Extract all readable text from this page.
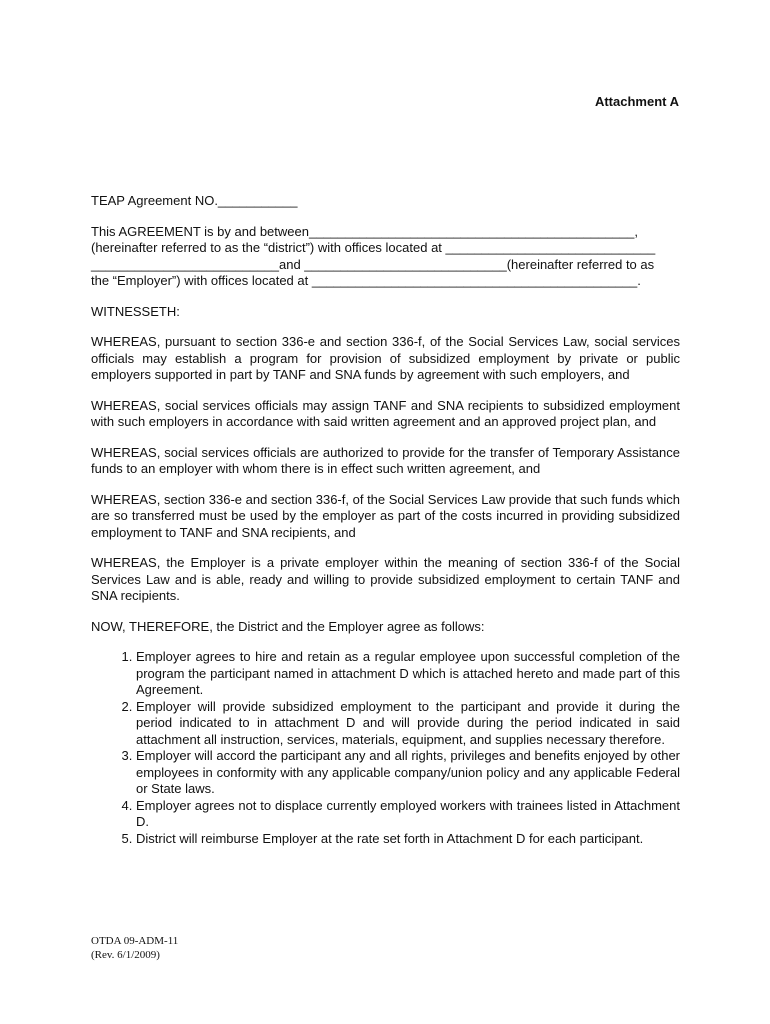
Attachment A

TEAP Agreement NO.___________

This AGREEMENT is by and between_____________________________________________,
(hereinafter referred to as the “district”) with offices located at _____________________________
__________________________and ____________________________(hereinafter referred to as
the “Employer”) with offices located at _____________________________________________.

WITNESSETH:

WHEREAS, pursuant to section 336-e and section 336-f, of the Social Services Law, social services officials may establish a program for provision of subsidized employment by private or public employers supported in part by TANF and SNA funds by agreement with such employers, and

WHEREAS, social services officials may assign TANF and SNA recipients to subsidized employment with such employers in accordance with said written agreement and an approved project plan, and

WHEREAS, social services officials are authorized to provide for the transfer of Temporary Assistance funds to an employer with whom there is in effect such written agreement, and

WHEREAS, section 336-e and section 336-f, of the Social Services Law provide that such funds which are so transferred must be used by the employer as part of the costs incurred in providing subsidized employment to TANF and SNA recipients, and

WHEREAS, the Employer is a private employer within the meaning of section 336-f of the Social Services Law and is able, ready and willing to provide subsidized employment to certain TANF and SNA recipients.

NOW, THEREFORE, the District and the Employer agree as follows:

1. Employer agrees to hire and retain as a regular employee upon successful completion of the program the participant named in attachment D which is attached hereto and made part of this Agreement.
2. Employer will provide subsidized employment to the participant and provide it during the period indicated to in attachment D and will provide during the period indicated in said attachment all instruction, services, materials, equipment, and supplies necessary therefore.
3. Employer will accord the participant any and all rights, privileges and benefits enjoyed by other employees in conformity with any applicable company/union policy and any applicable Federal or State laws.
4. Employer agrees not to displace currently employed workers with trainees listed in Attachment D.
5. District will reimburse Employer at the rate set forth in Attachment D for each participant.
OTDA 09-ADM-11
(Rev. 6/1/2009)
